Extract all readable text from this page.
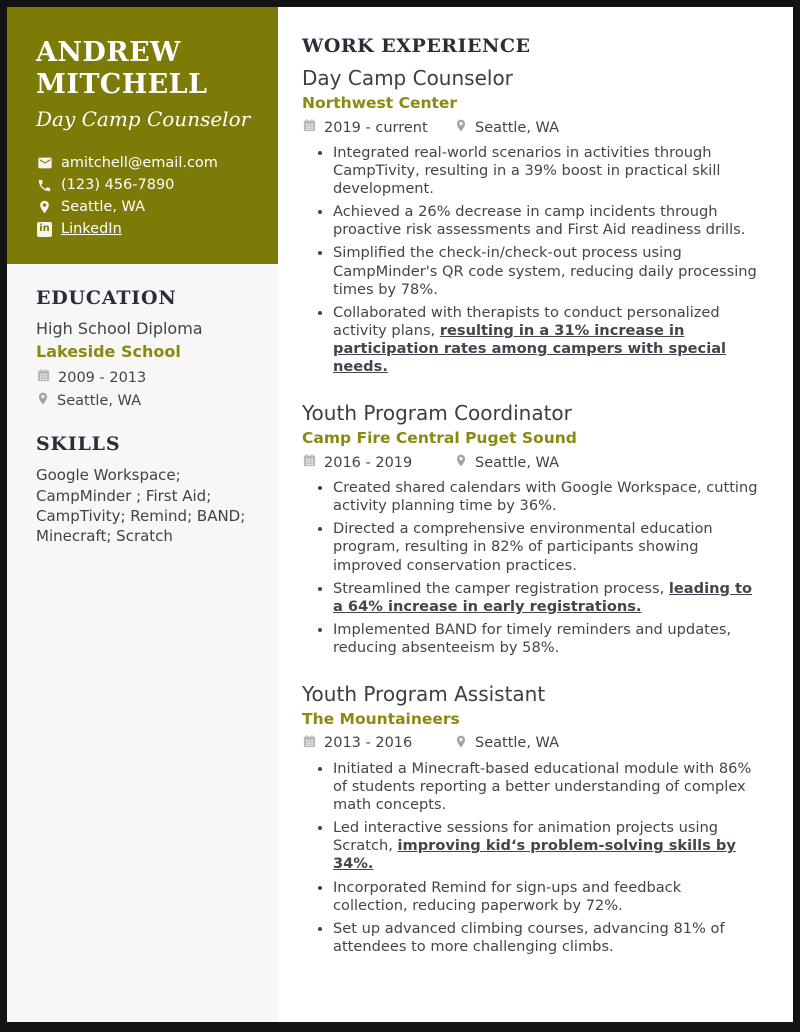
ANDREW MITCHELL
Day Camp Counselor
amitchell@email.com
(123) 456-7890
Seattle, WA
in LinkedIn
EDUCATION

High School Diploma

Lakeside School

2009 - 2013
Seattle, WA
SKILLS

Google Workspace; CampMinder ; First Aid; CampTivity; Remind; BAND; Minecraft; Scratch

WORK EXPERIENCE
Day Camp Counselor
Northwest Center
2019 - current	Seattle, WA
• Integrated real-world scenarios in activities through CampTivity, resulting in a 39% boost in practical skill development.
• Achieved a 26% decrease in camp incidents through proactive risk assessments and First Aid readiness drills.
• Simplified the check-in/check-out process using CampMinder's QR code system, reducing daily processing times by 78%.
• Collaborated with therapists to conduct personalized activity plans, resulting in a 31% increase in participation rates among campers with special needs.
Youth Program Coordinator
Camp Fire Central Puget Sound
2016 - 2019	Seattle, WA
• Created shared calendars with Google Workspace, cutting activity planning time by 36%.
• Directed a comprehensive environmental education program, resulting in 82% of participants showing improved conservation practices.
• Streamlined the camper registration process, leading to a 64% increase in early registrations.
• Implemented BAND for timely reminders and updates, reducing absenteeism by 58%.
Youth Program Assistant
The Mountaineers
2013 - 2016	Seattle, WA
• Initiated a Minecraft-based educational module with 86% of students reporting a better understanding of complex math concepts.
• Led interactive sessions for animation projects using Scratch, improving kid‘s problem-solving skills by 34%.
• Incorporated Remind for sign-ups and feedback collection, reducing paperwork by 72%.
• Set up advanced climbing courses, advancing 81% of attendees to more challenging climbs.
